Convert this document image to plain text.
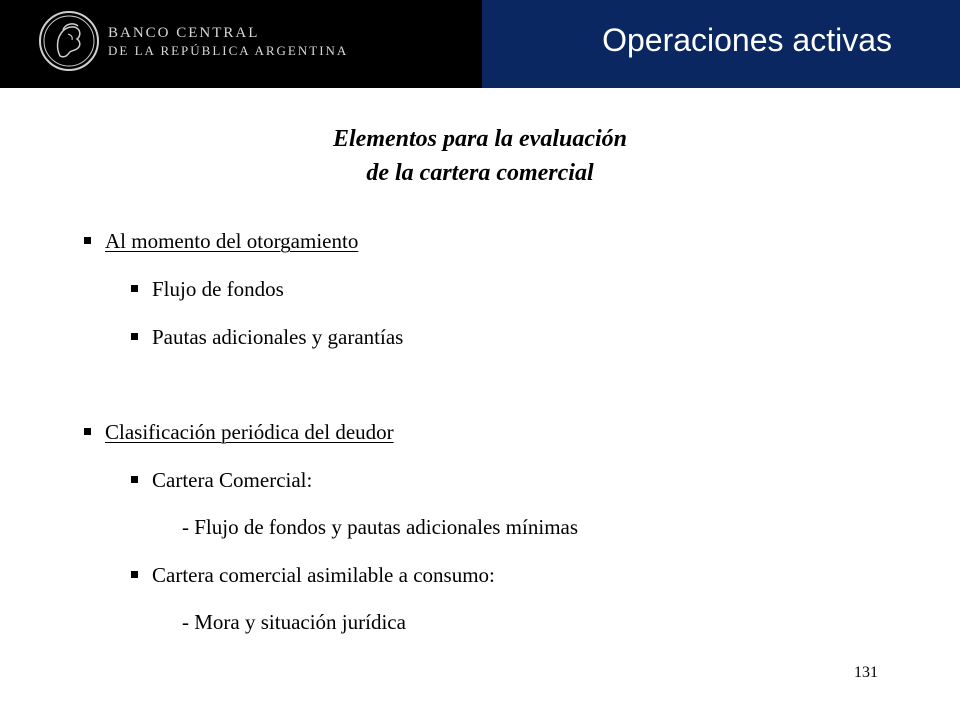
BANCO CENTRAL
DE LA REPÚBLICA ARGENTINA	Operaciones activas
Elementos para la evaluación
de la cartera comercial
Al momento del otorgamiento
Flujo de fondos
Pautas adicionales y garantías
Clasificación periódica del deudor
Cartera Comercial:
- Flujo de fondos y pautas adicionales mínimas
Cartera comercial asimilable a consumo:
- Mora y situación jurídica
131
